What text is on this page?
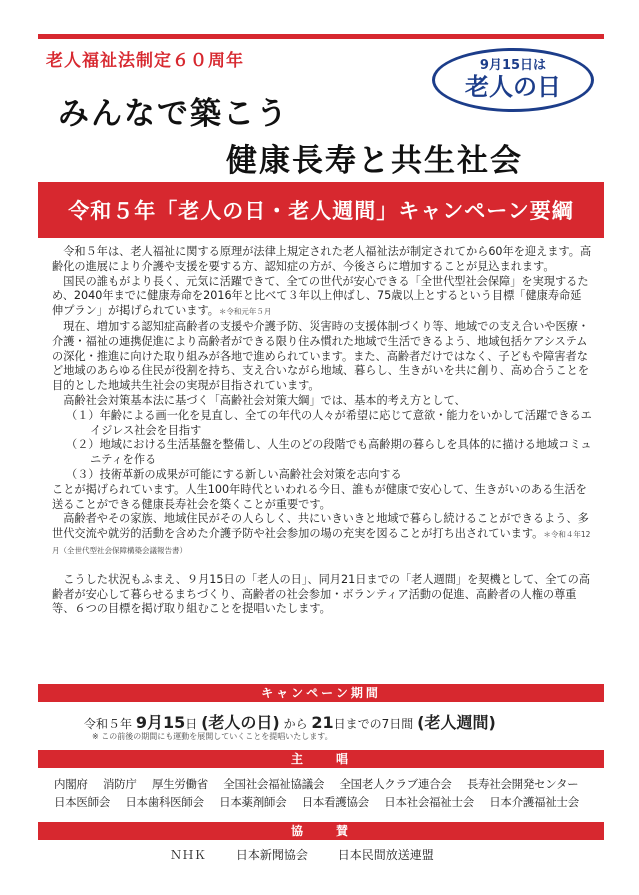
老人福祉法制定６０周年	9月15日は
老人の日
みんなで築こう
健康長寿と共生社会
令和５年「老人の日・老人週間」キャンペーン要綱

令和５年は、老人福祉に関する原理が法律上規定された老人福祉法が制定されてから60年を迎えます。高齢化の進展により介護や支援を要する方、認知症の方が、今後さらに増加することが見込まれます。

国民の誰もがより長く、元気に活躍できて、全ての世代が安心できる「全世代型社会保障」を実現するため、2040年までに健康寿命を2016年と比べて３年以上伸ばし、75歳以上とするという目標「健康寿命延伸プラン」が掲げられています。＊令和元年５月

現在、増加する認知症高齢者の支援や介護予防、災害時の支援体制づくり等、地域での支え合いや医療・介護・福祉の連携促進により高齢者ができる限り住み慣れた地域で生活できるよう、地域包括ケアシステムの深化・推進に向けた取り組みが各地で進められています。また、高齢者だけではなく、子どもや障害者など地域のあらゆる住民が役割を持ち、支え合いながら地域、暮らし、生きがいを共に創り、高め合うことを目的とした地域共生社会の実現が目指されています。

高齢社会対策基本法に基づく「高齢社会対策大綱」では、基本的考え方として、

（１）年齢による画一化を見直し、全ての年代の人々が希望に応じて意欲・能力をいかして活躍できるエイジレス社会を目指す

（２）地域における生活基盤を整備し、人生のどの段階でも高齢期の暮らしを具体的に描ける地域コミュニティを作る

（３）技術革新の成果が可能にする新しい高齢社会対策を志向する

ことが掲げられています。人生100年時代といわれる今日、誰もが健康で安心して、生きがいのある生活を送ることができる健康長寿社会を築くことが重要です。

高齢者やその家族、地域住民がその人らしく、共にいきいきと地域で暮らし続けることができるよう、多世代交流や就労的活動を含めた介護予防や社会参加の場の充実を図ることが打ち出されています。＊令和４年12月（全世代型社会保障構築会議報告書）

こうした状況もふまえ、９月15日の「老人の日」、同月21日までの「老人週間」を契機として、全ての高齢者が安心して暮らせるまちづくり、高齢者の社会参加・ボランティア活動の促進、高齢者の人権の尊重等、６つの目標を掲げ取り組むことを提唱いたします。

キャンペーン期間
令和５年 9月15日 (老人の日) から 21日までの7日間 (老人週間)
※ この前後の期間にも運動を展開していくことを提唱いたします。
主　　唱
内閣府 消防庁 厚生労働省 全国社会福祉協議会 全国老人クラブ連合会 長寿社会開発センター
日本医師会 日本歯科医師会 日本薬剤師会 日本看護協会 日本社会福祉士会 日本介護福祉士会
協　　賛
ＮＨＫ 日本新聞協会 日本民間放送連盟
